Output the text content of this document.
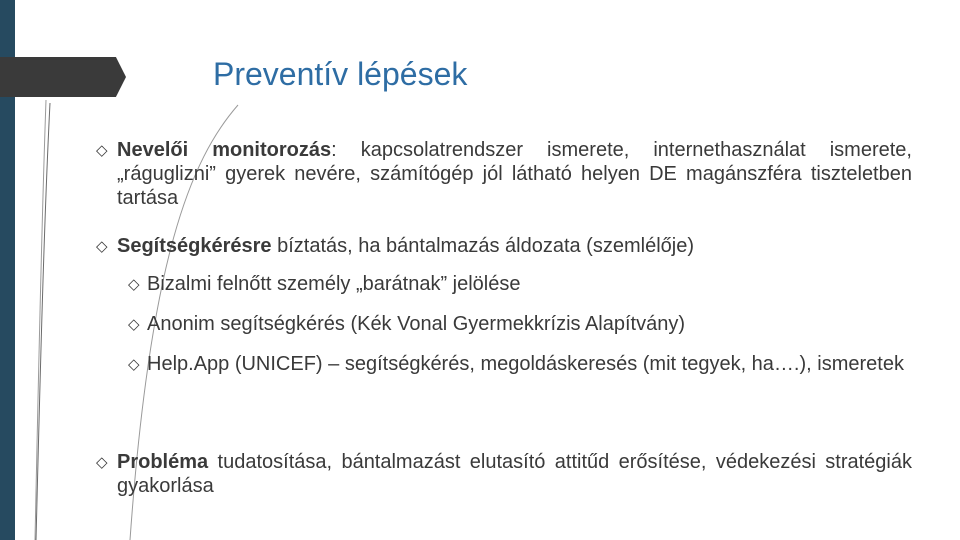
Preventív lépések
◇ Nevelői monitorozás: kapcsolatrendszer ismerete, internethasználat ismerete, „ráguglizni” gyerek nevére, számítógép jól látható helyen DE magánszféra tiszteletben tartása
◇ Segítségkérésre bíztatás, ha bántalmazás áldozata (szemlélője)
◇ Bizalmi felnőtt személy „barátnak” jelölése
◇ Anonim segítségkérés (Kék Vonal Gyermekkrízis Alapítvány)
◇ Help.App (UNICEF) – segítségkérés, megoldáskeresés (mit tegyek, ha….), ismeretek
◇ Probléma tudatosítása, bántalmazást elutasító attitűd erősítése, védekezési stratégiák gyakorlása
